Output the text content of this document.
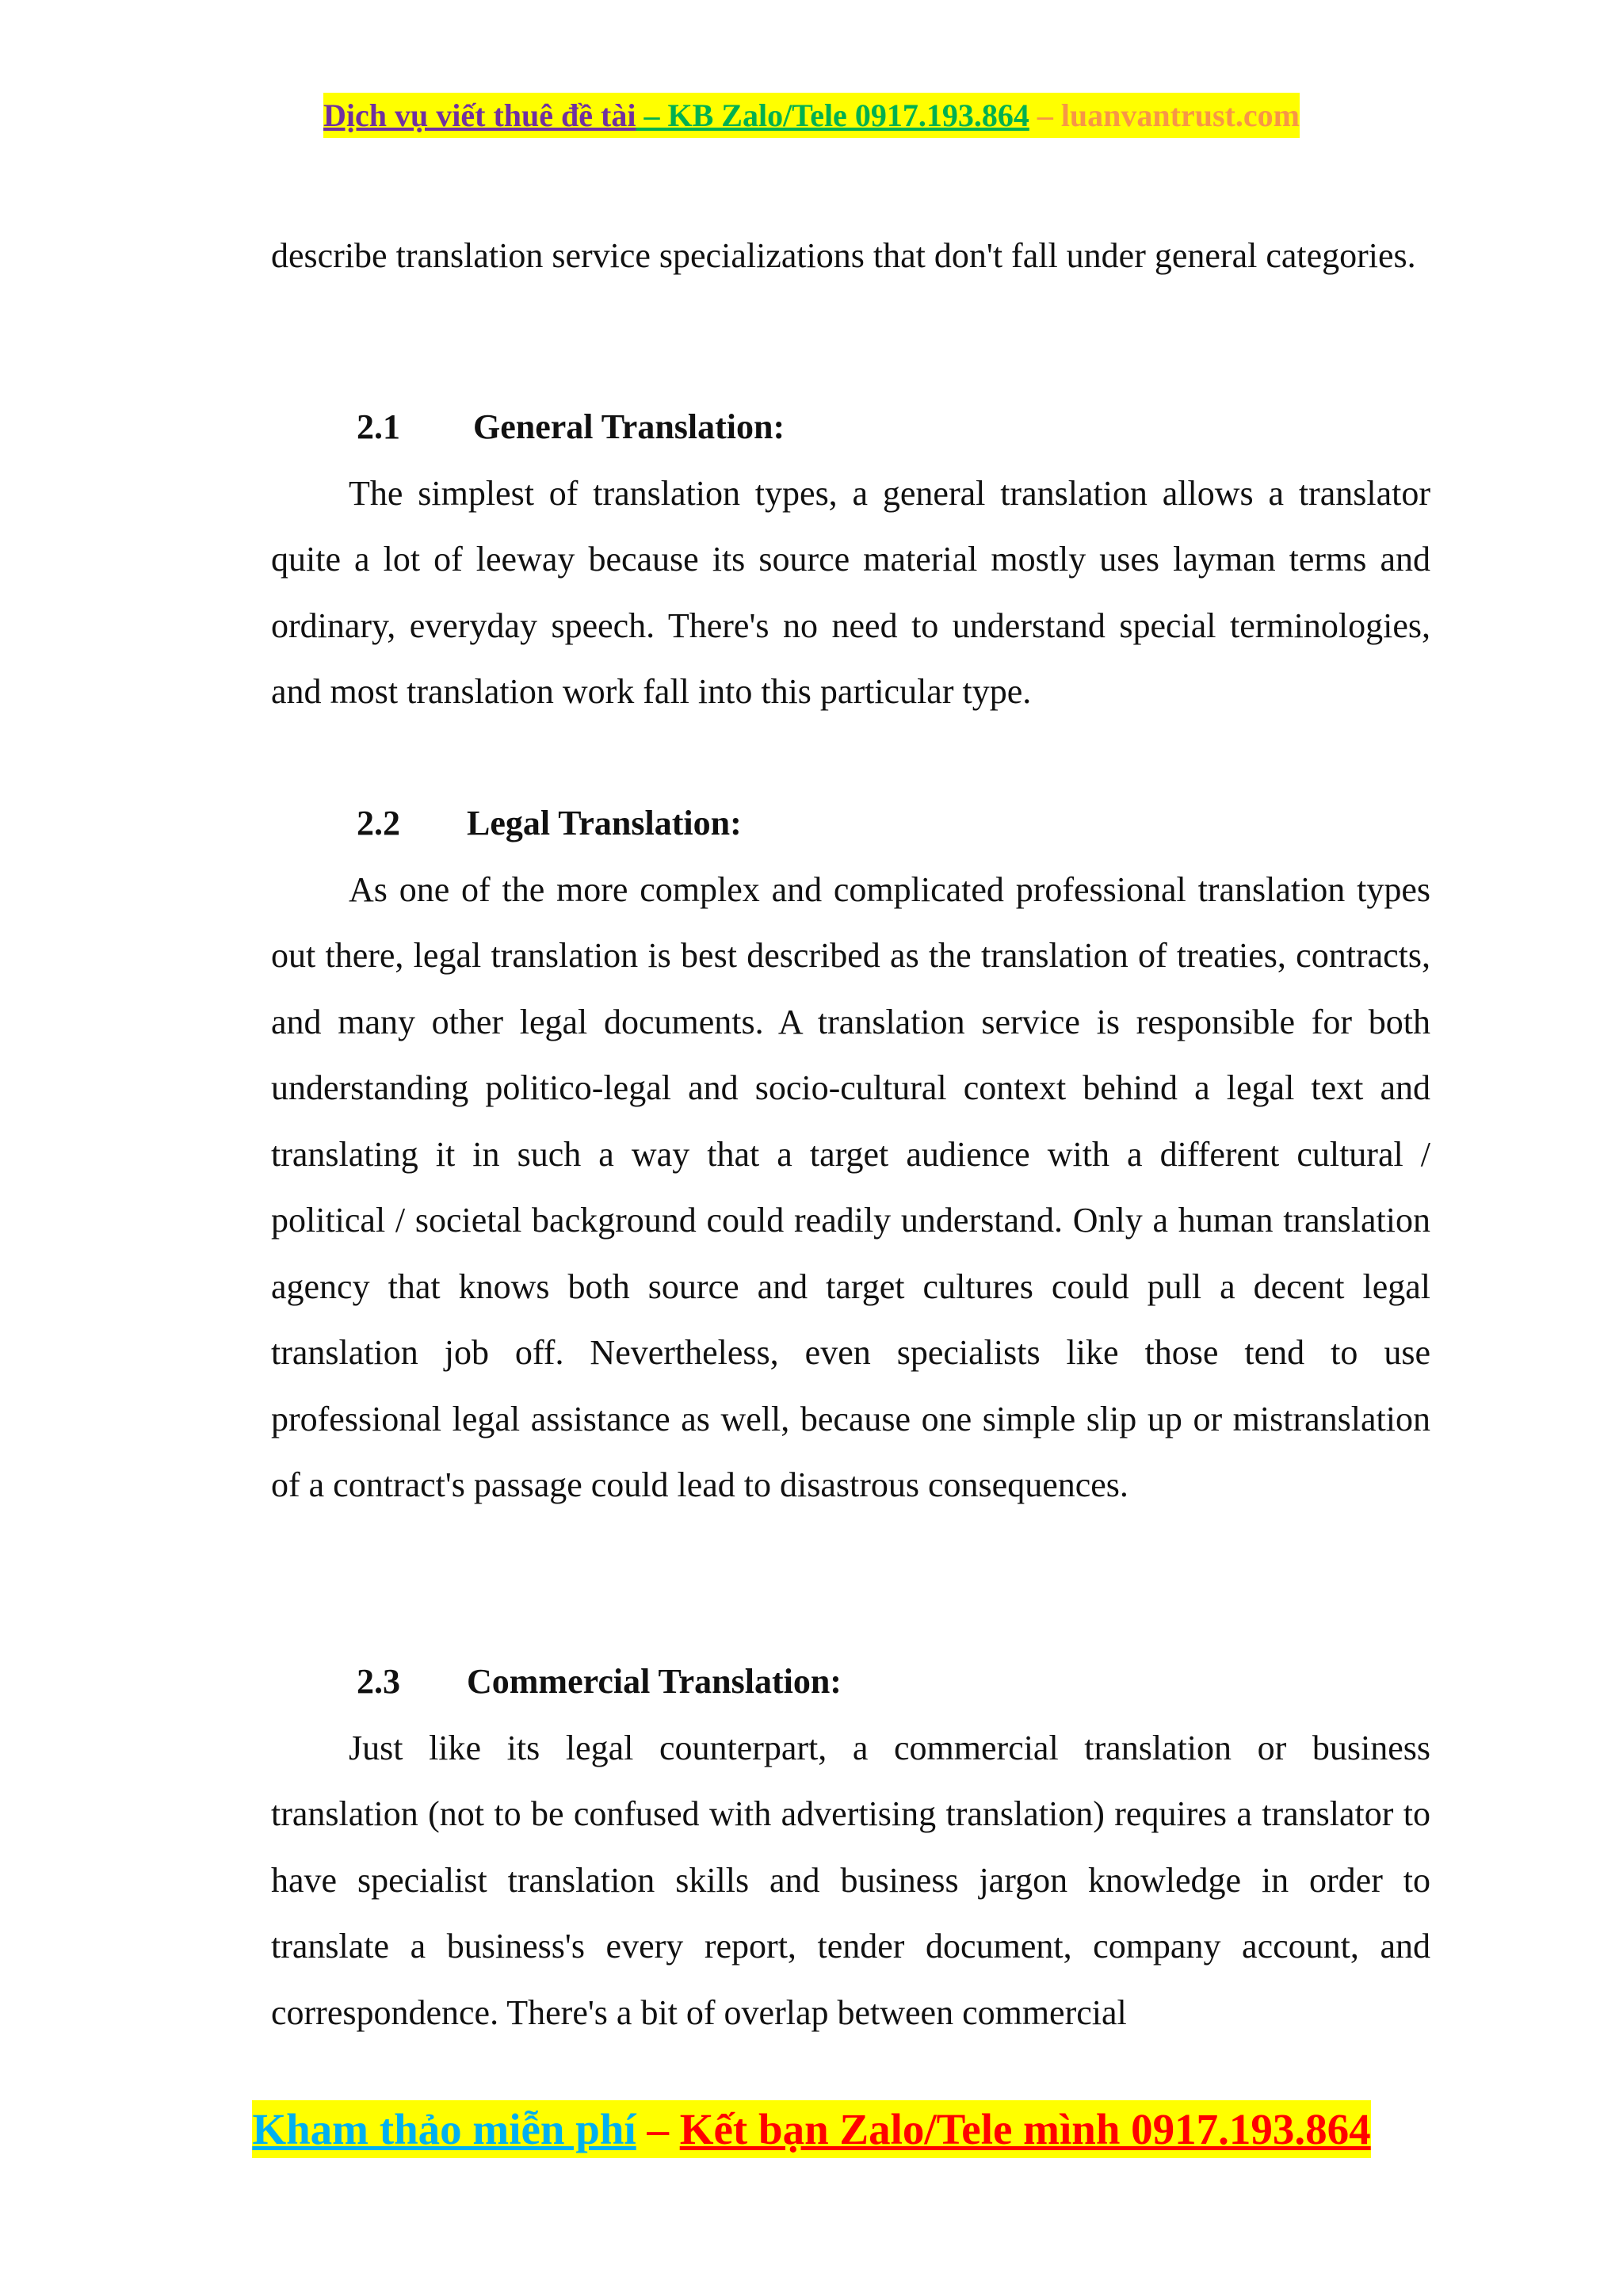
Dịch vụ viết thuê đề tài – KB Zalo/Tele 0917.193.864 – luanvantrust.com

describe translation service specializations that don't fall under general categories.

2.1 General Translation:

The simplest of translation types, a general translation allows a translator quite a lot of leeway because its source material mostly uses layman terms and ordinary, everyday speech. There's no need to understand special terminologies, and most translation work fall into this particular type.

2.2 Legal Translation:

As one of the more complex and complicated professional translation types out there, legal translation is best described as the translation of treaties, contracts, and many other legal documents. A translation service is responsible for both understanding politico-legal and socio-cultural context behind a legal text and translating it in such a way that a target audience with a different cultural / political / societal background could readily understand. Only a human translation agency that knows both source and target cultures could pull a decent legal translation job off. Nevertheless, even specialists like those tend to use professional legal assistance as well, because one simple slip up or mistranslation of a contract's passage could lead to disastrous consequences.

2.3 Commercial Translation:

Just like its legal counterpart, a commercial translation or business translation (not to be confused with advertising translation) requires a translator to have specialist translation skills and business jargon knowledge in order to translate a business's every report, tender document, company account, and correspondence. There's a bit of overlap between commercial

Kham thảo miễn phí – Kết bạn Zalo/Tele mình 0917.193.864
